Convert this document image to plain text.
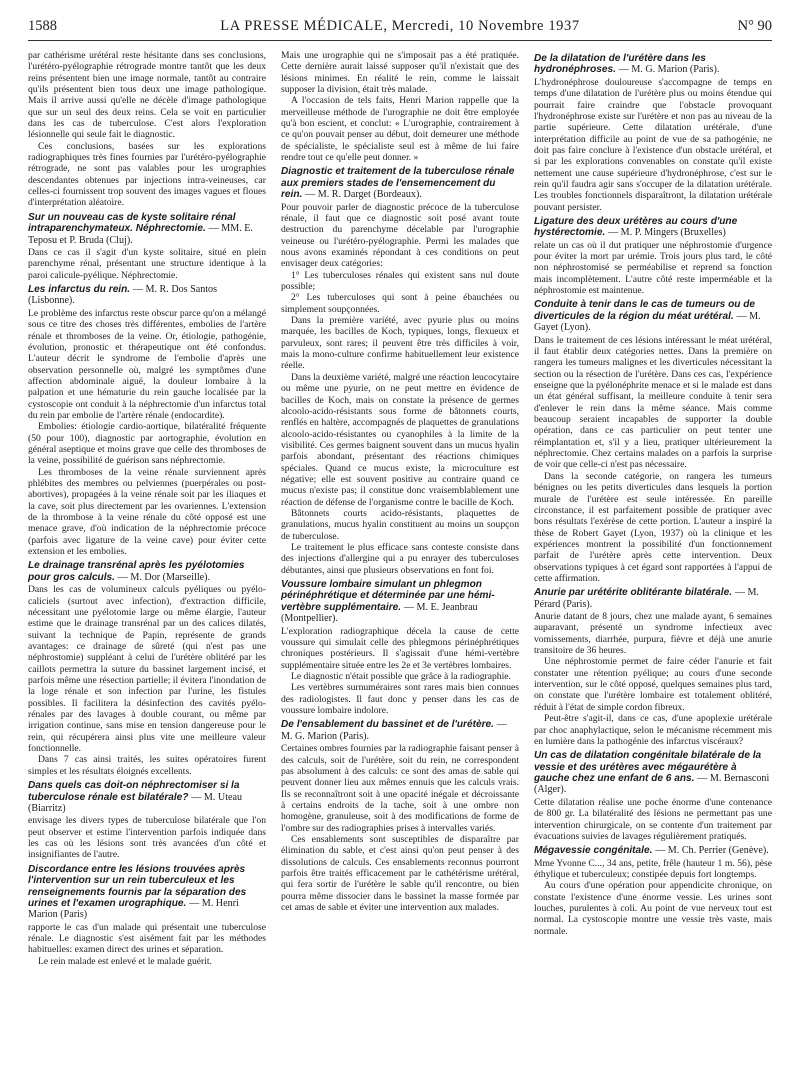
1588	LA PRESSE MÉDICALE, Mercredi, 10 Novembre 1937	N° 90

par cathérisme urétéral reste hésitante dans ses conclusions, l'urétéro-pyélographie rétrograde montre tantôt que les deux reins présentent bien une image normale, tantôt au contraire qu'ils présentent bien tous deux une image pathologique. Mais il arrive aussi qu'elle ne décèle d'image pathologique que sur un seul des deux reins. Cela se voit en particulier dans les cas de tuberculose. C'est alors l'exploration lésionnelle qui seule fait le diagnostic.

Ces conclusions, basées sur les explorations radiographiques très fines fournies par l'urétéro-pyélographie rétrograde, ne sont pas valables pour les urographies descendantes obtenues par injections intra-veineuses, car celles-ci fournissent trop souvent des images vagues et floues d'interprétation aléatoire.

Sur un nouveau cas de kyste solitaire rénal intraparenchymateux. Néphrectomie. — MM. E. Teposu et P. Bruda (Cluj).

Dans ce cas il s'agit d'un kyste solitaire, situé en plein parenchyme rénal, présentant une structure identique à la paroi calicule-pyélique. Néphrectomie.

Les infarctus du rein. — M. R. Dos Santos (Lisbonne).

Le problème des infarctus reste obscur parce qu'on a mélangé sous ce titre des choses très différentes, embolies de l'artère rénale et thromboses de la veine. Or, étiologie, pathogénie, évolution, pronostic et thérapeutique ont été confondus. L'auteur décrit le syndrome de l'embolie d'après une observation personnelle où, malgré les symptômes d'une affection abdominale aiguë, la douleur lombaire à la palpation et une hématurie du rein gauche localisée par la cystoscopie ont conduit à la néphrectomie d'un infarctus total du rein par embolie de l'artère rénale (endocardite).

Embolies: étiologie cardio-aortique, bilatéralité fréquente (50 pour 100), diagnostic par aortographie, évolution en général aseptique et moins grave que celle des thromboses de la veine, possibilité de guérison sans néphrectomie.

Les thromboses de la veine rénale surviennent après phlébites des membres ou pelviennes (puerpérales ou post-abortives), propagées à la veine rénale soit par les iliaques et la cave, soit plus directement par les ovariennes. L'extension de la thrombose à la veine rénale du côté opposé est une menace grave, d'où indication de la néphrectomie précoce (parfois avec ligature de la veine cave) pour éviter cette extension et les embolies.

Le drainage transrénal après les pyélotomies pour gros calculs. — M. Dor (Marseille).

Dans les cas de volumineux calculs pyéliques ou pyélo-caliciels (surtout avec infection), d'extraction difficile, nécessitant une pyélotomie large ou même élargie, l'auteur estime que le drainage transrénal par un des calices dilatés, suivant la technique de Papin, représente de grands avantages: ce drainage de sûreté (qui n'est pas une néphrostomie) suppléant à celui de l'urétère oblitéré par les caillots permettra la suture du bassinet largement incisé, et parfois même une résection partielle; il évitera l'inondation de la loge rénale et son infection par l'urine, les fistules possibles. Il facilitera la désinfection des cavités pyélo-rénales par des lavages à double courant, ou même par irrigation continue, sans mise en tension dangereuse pour le rein, qui récupérera ainsi plus vite une meilleure valeur fonctionnelle.

Dans 7 cas ainsi traités, les suites opératoires furent simples et les résultats éloignés excellents.

Dans quels cas doit-on néphrectomiser si la tuberculose rénale est bilatérale? — M. Uteau (Biarritz)

envisage les divers types de tuberculose bilatérale que l'on peut observer et estime l'intervention parfois indiquée dans les cas où les lésions sont très avancées d'un côté et insignifiantes de l'autre.

Discordance entre les lésions trouvées après l'intervention sur un rein tuberculeux et les renseignements fournis par la séparation des urines et l'examen urographique. — M. Henri Marion (Paris)

rapporte le cas d'un malade qui présentait une tuberculose rénale. Le diagnostic s'est aisément fait par les méthodes habituelles: examen direct des urines et séparation.

Le rein malade est enlevé et le malade guérit.

Mais une urographie qui ne s'imposait pas a été pratiquée. Cette dernière aurait laissé supposer qu'il n'existait que des lésions minimes. En réalité le rein, comme le laissait supposer la division, était très malade.

A l'occasion de tels faits, Henri Marion rappelle que la merveilleuse méthode de l'urographie ne doit être employée qu'à bon escient, et conclut: « L'urographie, contrairement à ce qu'on pouvait penser au début, doit demeurer une méthode de spécialiste, le spécialiste seul est à même de lui faire rendre tout ce qu'elle peut donner. »

Diagnostic et traitement de la tuberculose rénale aux premiers stades de l'ensemencement du rein. — M. R. Darget (Bordeaux).

Pour pouvoir parler de diagnostic précoce de la tuberculose rénale, il faut que ce diagnostic soit posé avant toute destruction du parenchyme décelable par l'urographie veineuse ou l'urétéro-pyélographie. Permi les malades que nous avons examinés répondant à ces conditions on peut envisager deux catégories:

1° Les tuberculoses rénales qui existent sans nul doute possible;

2° Les tuberculoses qui sont à peine ébauchées ou simplement soupçonnées.

Dans la première variété, avec pyurie plus ou moins marquée, les bacilles de Koch, typiques, longs, flexueux et parvuleux, sont rares; il peuvent être très difficiles à voir, mais la mono-culture confirme habituellement leur existence réelle.

Dans la deuxième variété, malgré une réaction leucocytaire ou même une pyurie, on ne peut mettre en évidence de bacilles de Koch, mais on constate la présence de germes alcoolo-acido-résistants sous forme de bâtonnets courts, renflés en haltère, accompagnés de plaquettes de granulations alcoolo-acido-résistantes ou cyanophiles à la limite de la visibilité. Ces germes baignent souvent dans un mucus hyalin parfois abondant, présentant des réactions chimiques spéciales. Quand ce mucus existe, la microculture est négative; elle est souvent positive au contraire quand ce mucus n'existe pas; il constitue donc vraisemblablement une réaction de défense de l'organisme contre le bacille de Koch.

Bâtonnets courts acido-résistants, plaquettes de granulations, mucus hyalin constituent au moins un soupçon de tuberculose.

Le traitement le plus efficace sans conteste consiste dans des injections d'allergine qui a pu enrayer des tuberculoses débutantes, ainsi que plusieurs observations en font foi.

Voussure lombaire simulant un phlegmon périnéphrétique et déterminée par une hémi-vertèbre supplémentaire. — M. E. Jeanbrau (Montpellier).

L'exploration radiographique décela la cause de cette voussure qui simulait celle des phlegmons périnéphrétiques chroniques postérieurs. Il s'agissait d'une hémi-vertèbre supplémentaire située entre les 2e et 3e vertèbres lombaires.

Le diagnostic n'était possible que grâce à la radiographie.

Les vertèbres surnuméraires sont rares mais bien connues des radiologistes. Il faut donc y penser dans les cas de voussure lombaire indolore.

De l'ensablement du bassinet et de l'urétère. — M. G. Marion (Paris).

Certaines ombres fournies par la radiographie faisant penser à des calculs, soit de l'urétère, soit du rein, ne correspondent pas absolument à des calculs: ce sont des amas de sable qui peuvent donner lieu aux mêmes ennuis que les calculs vrais. Ils se reconnaîtront soit à une opacité inégale et décroissante à certains endroits de la tache, soit à une ombre non homogène, granuleuse, soit à des modifications de forme de l'ombre sur des radiographies prises à intervalles variés.

Ces ensablements sont susceptibles de disparaître par élimination du sable, et c'est ainsi qu'on peut penser à des dissolutions de calculs. Ces ensablements reconnus pourront parfois être traités efficacement par le cathétérisme urétéral, qui fera sortir de l'urétère le sable qu'il rencontre, ou bien pourra même dissocier dans le bassinet la masse formée par cet amas de sable et éviter une intervention aux malades.

De la dilatation de l'urétère dans les hydronéphroses. — M. G. Marion (Paris).

L'hydronéphrose douloureuse s'accompagne de temps en temps d'une dilatation de l'urétère plus ou moins étendue qui pourrait faire craindre que l'obstacle provoquant l'hydronéphrose existe sur l'urétère et non pas au niveau de la partie supérieure. Cette dilatation urétérale, d'une interprétation difficile au point de vue de sa pathogénie, ne doit pas faire conclure à l'existence d'un obstacle urétéral, et si par les explorations convenables on constate qu'il existe nettement une cause supérieure d'hydronéphrose, c'est sur le rein qu'il faudra agir sans s'occuper de la dilatation urétérale. Les troubles fonctionnels disparaîtront, la dilatation urétérale pouvant persister.

Ligature des deux urétères au cours d'une hystérectomie. — M. P. Mingers (Bruxelles)

relate un cas où il dut pratiquer une néphrostomie d'urgence pour éviter la mort par urémie. Trois jours plus tard, le côté non néphrostomisé se perméabilise et reprend sa fonction mais incomplètement. L'autre côté reste imperméable et la néphrostomie est maintenue.

Conduite à tenir dans le cas de tumeurs ou de diverticules de la région du méat urétéral. — M. Gayet (Lyon).

Dans le traitement de ces lésions intéressant le méat urétéral, il faut établir deux catégories nettes. Dans la première on rangera les tumeurs malignes et les diverticules nécessitant la section ou la résection de l'urétère. Dans ces cas, l'expérience enseigne que la pyélonéphrite menace et si le malade est dans un état général suffisant, la meilleure conduite à tenir sera d'enlever le rein dans la même séance. Mais comme beaucoup seraient incapables de supporter la double opération, dans ce cas particulier on peut tenter une réimplantation et, s'il y a lieu, pratiquer ultérieurement la néphrectomie. Chez certains malades on a parfois la surprise de voir que celle-ci n'est pas nécessaire.

Dans la seconde catégorie, on rangera les tumeurs bénignes ou les petits diverticules dans lesquels la portion murale de l'urétère est seule intéressée. En pareille circonstance, il est parfaitement possible de pratiquer avec bons résultats l'exérèse de cette portion. L'auteur a inspiré la thèse de Robert Gayet (Lyon, 1937) où la clinique et les expériences montrent la possibilité d'un fonctionnement parfait de l'urétère après cette intervention. Deux observations typiques à cet égard sont rapportées à l'appui de cette affirmation.

Anurie par urétérite oblitérante bilatérale. — M. Pérard (Paris).

Anurie datant de 8 jours, chez une malade ayant, 6 semaines auparavant, présenté un syndrome infectieux avec vomissements, diarrhée, purpura, fièvre et déjà une anurie transitoire de 36 heures.

Une néphrostomie permet de faire céder l'anurie et fait constater une rétention pyélique; au cours d'une seconde intervention, sur le côté opposé, quelques semaines plus tard, on constate que l'urétère lombaire est totalement oblitéré, réduit à l'état de simple cordon fibreux.

Peut-être s'agit-il, dans ce cas, d'une apoplexie urétérale par choc anaphylactique, selon le mécanisme récemment mis en lumière dans la pathogénie des infarctus viscéraux?

Un cas de dilatation congénitale bilatérale de la vessie et des urétères avec mégaurétère à gauche chez une enfant de 6 ans. — M. Bernasconi (Alger).

Cette dilatation réalise une poche énorme d'une contenance de 800 gr. La bilatéralité des lésions ne permettant pas une intervention chirurgicale, on se contente d'un traitement par évacuations suivies de lavages régulièrement pratiqués.

Mégavessie congénitale. — M. Ch. Perrier (Genève).

Mme Yvonne C..., 34 ans, petite, frêle (hauteur 1 m. 56), pèse éthylique et tuberculeux; constipée depuis fort longtemps.

Au cours d'une opération pour appendicite chronique, on constate l'existence d'une énorme vessie. Les urines sont louches, purulentes à coli. Au point de vue nerveux tout est normal. La cystoscopie montre une vessie très vaste, mais normale.
